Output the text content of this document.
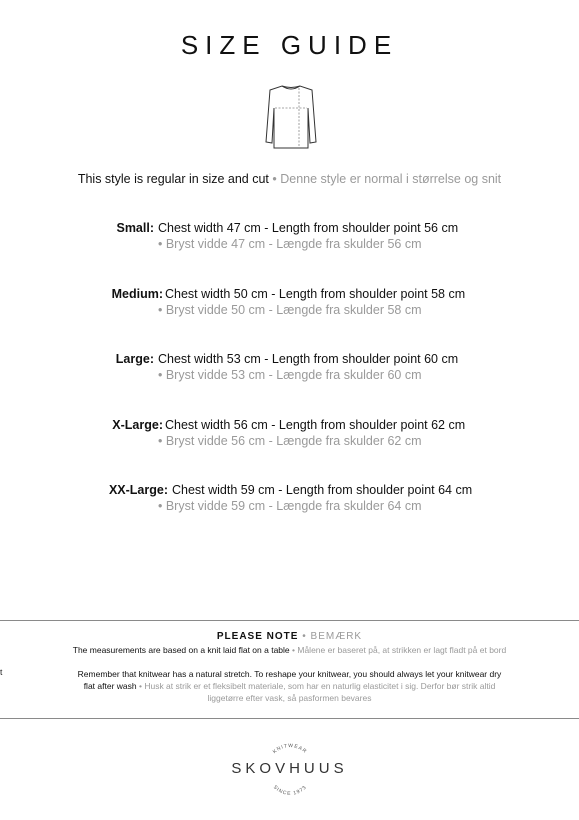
SIZE GUIDE
This style is regular in size and cut • Denne style er normal i størrelse og snit
Small: Chest width 47 cm - Length from shoulder point 56 cm
• Bryst vidde 47 cm - Længde fra skulder 56 cm
Medium: Chest width 50 cm - Length from shoulder point 58 cm
• Bryst vidde 50 cm - Længde fra skulder 58 cm
Large: Chest width 53 cm - Length from shoulder point 60 cm
• Bryst vidde 53 cm - Længde fra skulder 60 cm
X-Large: Chest width 56 cm - Length from shoulder point 62 cm
• Bryst vidde 56 cm - Længde fra skulder 62 cm
XX-Large: Chest width 59 cm - Length from shoulder point 64 cm
• Bryst vidde 59 cm - Længde fra skulder 64 cm
PLEASE NOTE • BEMÆRK
The measurements are based on a knit laid flat on a table • Målene er baseret på, at strikken er lagt fladt på et bord
Remember that knitwear has a natural stretch. To reshape your knitwear, you should always let your knitwear dry
flat after wash • Husk at strik er et fleksibelt materiale, som har en naturlig elasticitet i sig. Derfor bør strik altid
liggetørre efter vask, så pasformen bevares
t
KNITWEAR
SINCE 1973
SKOVHUUS
